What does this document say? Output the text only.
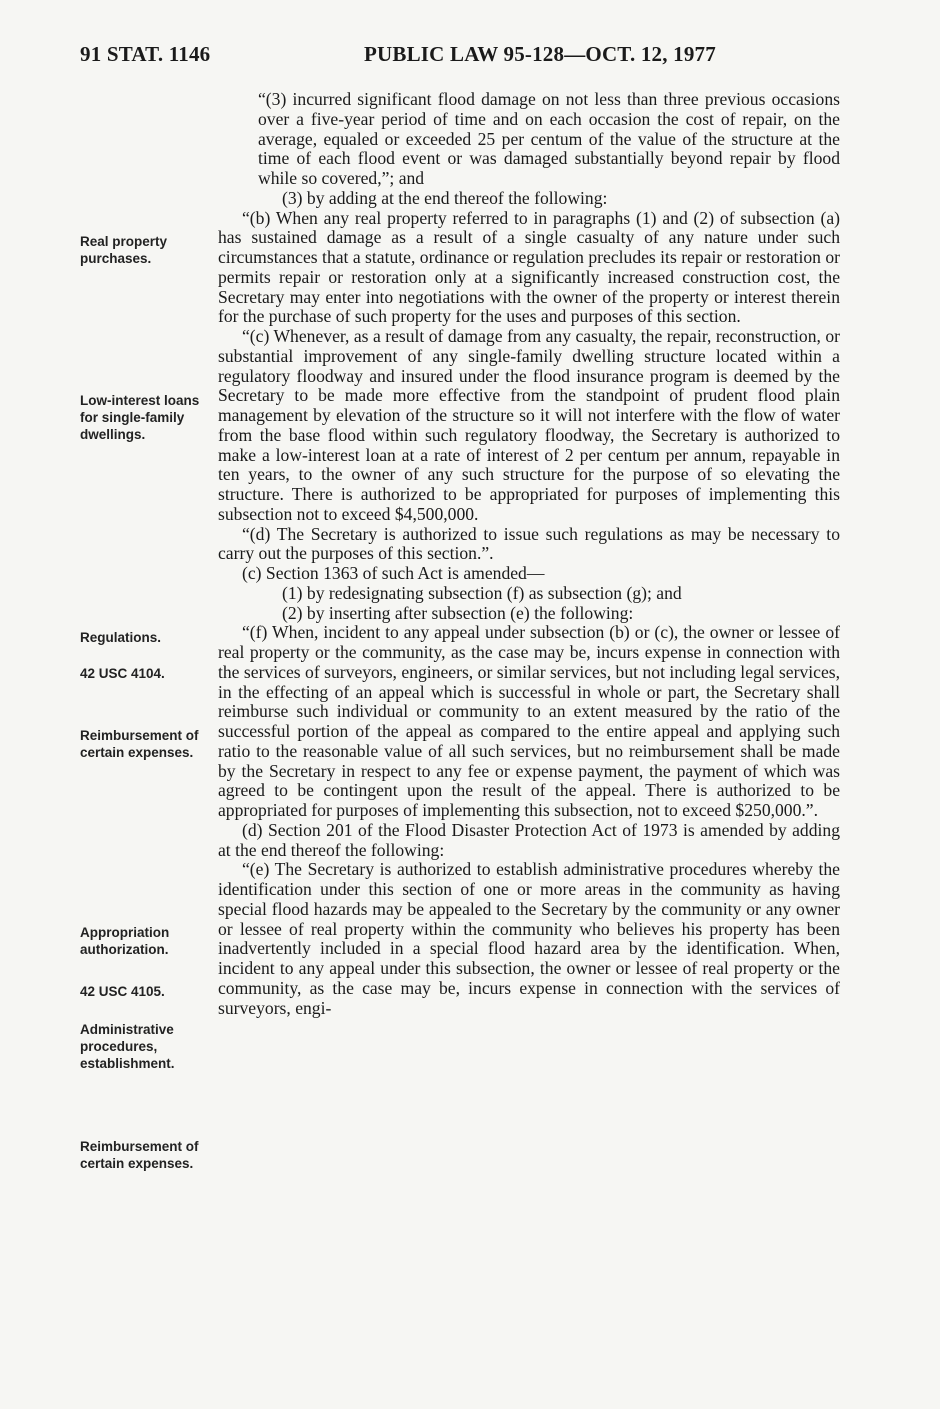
91 STAT. 1146	PUBLIC LAW 95-128—OCT. 12, 1977

“(3) incurred significant flood damage on not less than three previous occasions over a five-year period of time and on each occasion the cost of repair, on the average, equaled or exceeded 25 per centum of the value of the structure at the time of each flood event or was damaged substantially beyond repair by flood while so covered,”; and

(3) by adding at the end thereof the following:

“(b) When any real property referred to in paragraphs (1) and (2) of subsection (a) has sustained damage as a result of a single casualty of any nature under such circumstances that a statute, ordinance or regulation precludes its repair or restoration or permits repair or restoration only at a significantly increased construction cost, the Secretary may enter into negotiations with the owner of the property or interest therein for the purchase of such property for the uses and purposes of this section.

“(c) Whenever, as a result of damage from any casualty, the repair, reconstruction, or substantial improvement of any single-family dwelling structure located within a regulatory floodway and insured under the flood insurance program is deemed by the Secretary to be made more effective from the standpoint of prudent flood plain management by elevation of the structure so it will not interfere with the flow of water from the base flood within such regulatory floodway, the Secretary is authorized to make a low-interest loan at a rate of interest of 2 per centum per annum, repayable in ten years, to the owner of any such structure for the purpose of so elevating the structure. There is authorized to be appropriated for purposes of implementing this subsection not to exceed $4,500,000.

“(d) The Secretary is authorized to issue such regulations as may be necessary to carry out the purposes of this section.”.

(c) Section 1363 of such Act is amended—

(1) by redesignating subsection (f) as subsection (g); and

(2) by inserting after subsection (e) the following:

“(f) When, incident to any appeal under subsection (b) or (c), the owner or lessee of real property or the community, as the case may be, incurs expense in connection with the services of surveyors, engineers, or similar services, but not including legal services, in the effecting of an appeal which is successful in whole or part, the Secretary shall reimburse such individual or community to an extent measured by the ratio of the successful portion of the appeal as compared to the entire appeal and applying such ratio to the reasonable value of all such services, but no reimbursement shall be made by the Secretary in respect to any fee or expense payment, the payment of which was agreed to be contingent upon the result of the appeal. There is authorized to be appropriated for purposes of implementing this subsection, not to exceed $250,000.”.

(d) Section 201 of the Flood Disaster Protection Act of 1973 is amended by adding at the end thereof the following:

“(e) The Secretary is authorized to establish administrative procedures whereby the identification under this section of one or more areas in the community as having special flood hazards may be appealed to the Secretary by the community or any owner or lessee of real property within the community who believes his property has been inadvertently included in a special flood hazard area by the identification. When, incident to any appeal under this subsection, the owner or lessee of real property or the community, as the case may be, incurs expense in connection with the services of surveyors, engi-

Real property purchases.
Low-interest loans for single-family dwellings.
Regulations.
42 USC 4104.
Reimbursement of certain expenses.
Appropriation authorization.
42 USC 4105.
Administrative procedures, establishment.
Reimbursement of certain expenses.
